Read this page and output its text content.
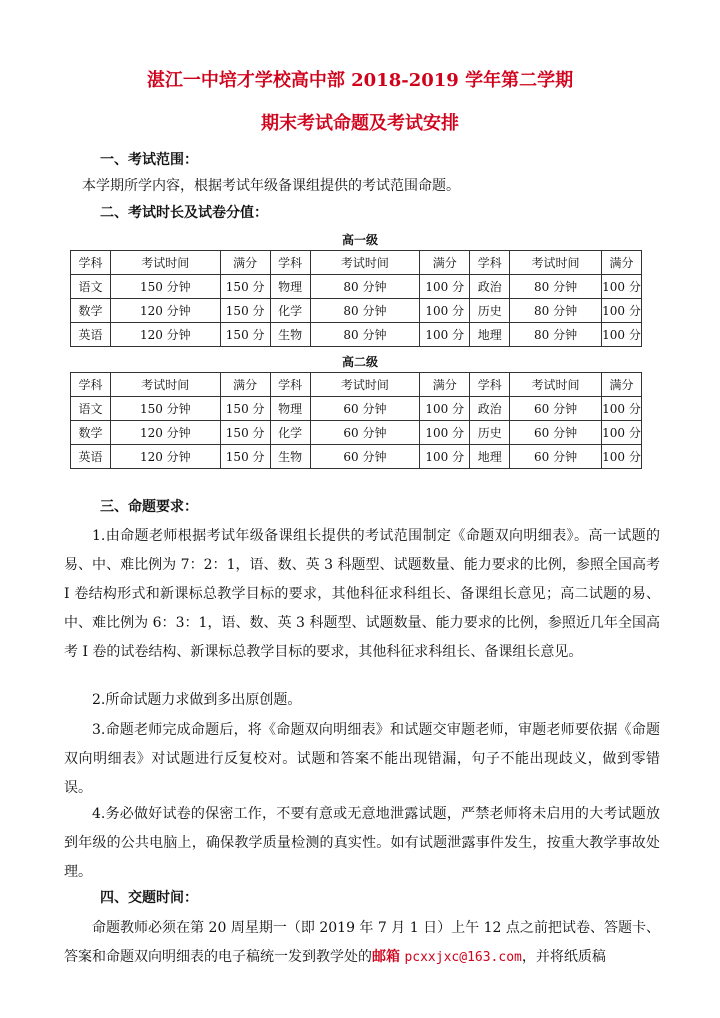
湛江一中培才学校高中部 2018-2019 学年第二学期
期末考试命题及考试安排
一、考试范围：
本学期所学内容，根据考试年级备课组提供的考试范围命题。
二、考试时长及试卷分值：
高一级
学科	考试时间	满分	学科	考试时间	满分	学科	考试时间	满分
语文	150 分钟	150 分	物理	80 分钟	100 分	政治	80 分钟	100 分
数学	120 分钟	150 分	化学	80 分钟	100 分	历史	80 分钟	100 分
英语	120 分钟	150 分	生物	80 分钟	100 分	地理	80 分钟	100 分
高二级
学科	考试时间	满分	学科	考试时间	满分	学科	考试时间	满分
语文	150 分钟	150 分	物理	60 分钟	100 分	政治	60 分钟	100 分
数学	120 分钟	150 分	化学	60 分钟	100 分	历史	60 分钟	100 分
英语	120 分钟	150 分	生物	60 分钟	100 分	地理	60 分钟	100 分
三、命题要求：
1.由命题老师根据考试年级备课组长提供的考试范围制定《命题双向明细表》。高一试题的易、中、难比例为 7：2：1，语、数、英 3 科题型、试题数量、能力要求的比例，参照全国高考 I 卷结构形式和新课标总教学目标的要求，其他科征求科组长、备课组长意见；高二试题的易、中、难比例为 6：3：1，语、数、英 3 科题型、试题数量、能力要求的比例，参照近几年全国高考 I 卷的试卷结构、新课标总教学目标的要求，其他科征求科组长、备课组长意见。
2.所命试题力求做到多出原创题。
3.命题老师完成命题后，将《命题双向明细表》和试题交审题老师，审题老师要依据《命题双向明细表》对试题进行反复校对。试题和答案不能出现错漏，句子不能出现歧义，做到零错误。
4.务必做好试卷的保密工作，不要有意或无意地泄露试题，严禁老师将未启用的大考试题放到年级的公共电脑上，确保教学质量检测的真实性。如有试题泄露事件发生，按重大教学事故处理。
四、交题时间：
命题教师必须在第 20 周星期一（即 2019 年 7 月 1 日）上午 12 点之前把试卷、答题卡、答案和命题双向明细表的电子稿统一发到教学处的邮箱 pcxxjxc@163.com，并将纸质稿
